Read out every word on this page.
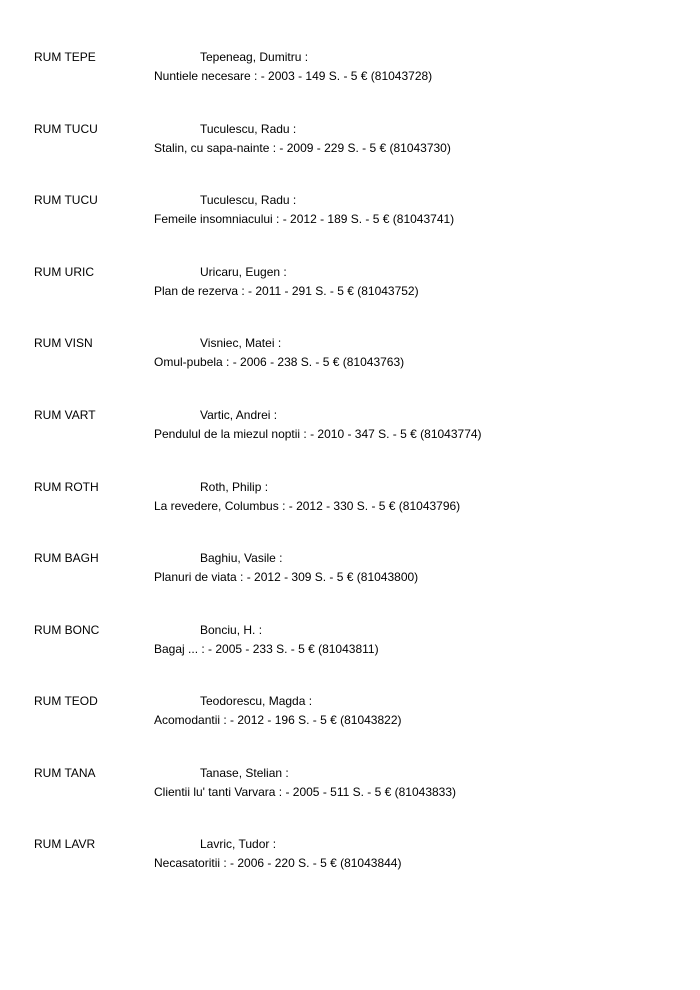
RUM TEPE	Tepeneag, Dumitru :
Nuntiele necesare : - 2003 - 149 S. - 5 € (81043728)
RUM TUCU	Tuculescu, Radu :
Stalin, cu sapa-nainte : - 2009 - 229 S. - 5 € (81043730)
RUM TUCU	Tuculescu, Radu :
Femeile insomniacului : - 2012 - 189 S. - 5 € (81043741)
RUM URIC	Uricaru, Eugen :
Plan de rezerva : - 2011 - 291 S. - 5 € (81043752)
RUM VISN	Visniec, Matei :
Omul-pubela : - 2006 - 238 S. - 5 € (81043763)
RUM VART	Vartic, Andrei :
Pendulul de la miezul noptii : - 2010 - 347 S. - 5 € (81043774)
RUM ROTH	Roth, Philip :
La revedere, Columbus : - 2012 - 330 S. - 5 € (81043796)
RUM BAGH	Baghiu, Vasile :
Planuri de viata : - 2012 - 309 S. - 5 € (81043800)
RUM BONC	Bonciu, H. :
Bagaj ... : - 2005 - 233 S. - 5 € (81043811)
RUM TEOD	Teodorescu, Magda :
Acomodantii : - 2012 - 196 S. - 5 € (81043822)
RUM TANA	Tanase, Stelian :
Clientii lu' tanti Varvara : - 2005 - 511 S. - 5 € (81043833)
RUM LAVR	Lavric, Tudor :
Necasatoritii : - 2006 - 220 S. - 5 € (81043844)
